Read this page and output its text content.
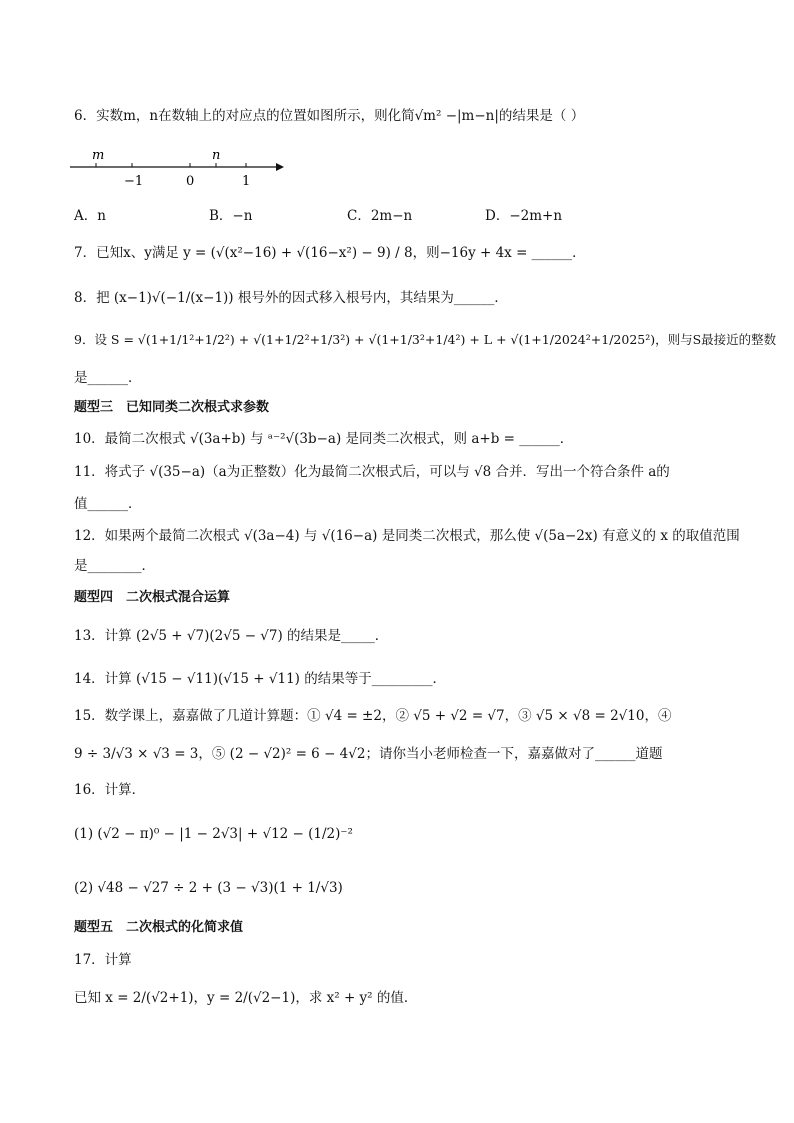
6．实数m，n在数轴上的对应点的位置如图所示，则化简√m² −|m−n|的结果是（ ）
m	n
−1	0	1
A．n	B．−n	C．2m−n	D．−2m+n
7．已知x、y满足 y = (√(x²−16) + √(16−x²) − 9) / 8，则−16y + 4x = ______．
8．把 (x−1)√(−1/(x−1)) 根号外的因式移入根号内，其结果为______．
9．设 S = √(1+1/1²+1/2²) + √(1+1/2²+1/3²) + √(1+1/3²+1/4²) + L + √(1+1/2024²+1/2025²)，则与S最接近的整数
是______．
题型三　已知同类二次根式求参数
10．最简二次根式 √(3a+b) 与 ᵃ⁻²√(3b−a) 是同类二次根式，则 a+b = ______．
11．将式子 √(35−a)（a为正整数）化为最简二次根式后，可以与 √8 合并．写出一个符合条件 a的
值______．
12．如果两个最简二次根式 √(3a−4) 与 √(16−a) 是同类二次根式，那么使 √(5a−2x) 有意义的 x 的取值范围
是________．
题型四　二次根式混合运算
13．计算 (2√5 + √7)(2√5 − √7) 的结果是_____．
14．计算 (√15 − √11)(√15 + √11) 的结果等于_________．
15．数学课上，嘉嘉做了几道计算题：① √4 = ±2，② √5 + √2 = √7，③ √5 × √8 = 2√10，④
9 ÷ 3/√3 × √3 = 3，⑤ (2 − √2)² = 6 − 4√2；请你当小老师检查一下，嘉嘉做对了______道题
16．计算．
(1) (√2 − π)⁰ − |1 − 2√3| + √12 − (1/2)⁻²
(2) √48 − √27 ÷ 2 + (3 − √3)(1 + 1/√3)
题型五　二次根式的化简求值
17．计算
已知 x = 2/(√2+1)，y = 2/(√2−1)，求 x² + y² 的值．
